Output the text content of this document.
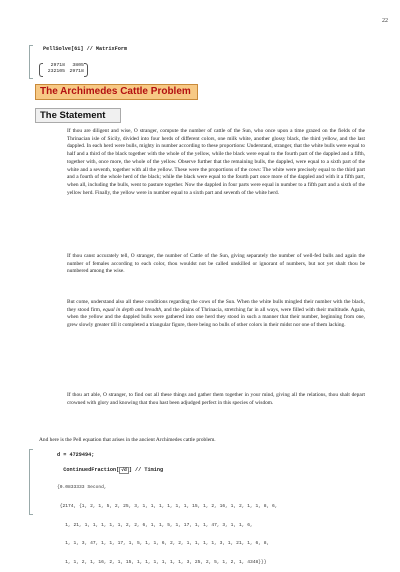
22
PellSolve[61] // MatrixForm
29718 3805
232105 29718
The Archimedes Cattle Problem
The Statement
If thou are diligent and wise, O stranger, compute the number of cattle of the Sun, who once upon a time grazed on the fields of the Thrinacian isle of Sicily, divided into four herds of different colors, one milk white, another glossy black, the third yellow, and the last dappled. In each herd were bulls, mighty in number according to these proportions: Understand, stranger, that the white bulls were equal to half and a third of the black together with the whole of the yellow, while the black were equal to the fourth part of the dappled and a fifth, together with, once more, the whole of the yellow. Observe further that the remaining bulls, the dappled, were equal to a sixth part of the white and a seventh, together with all the yellow. These were the proportions of the cows: The white were precisely equal to the third part and a fourth of the whole herd of the black; while the black were equal to the fourth part once more of the dappled and with it a fifth part, when all, including the bulls, went to pasture together. Now the dappled in four parts were equal in number to a fifth part and a sixth of the yellow herd. Finally, the yellow were in number equal to a sixth part and seventh of the white herd.
If thou canst accurately tell, O stranger, the number of Cattle of the Sun, giving separately the number of well-fed bulls and again the number of females according to each color, thou wouldst not be called unskilled or ignorant of numbers, but not yet shalt thou be numbered among the wise.
But come, understand also all these conditions regarding the cows of the Sun. When the white bulls mingled their number with the black, they stood firm, equal in depth and breadth, and the plains of Thrinacia, stretching far in all ways, were filled with their multitude. Again, when the yellow and the dappled bulls were gathered into one herd they stood in such a manner that their number, beginning from one, grew slowly greater till it completed a triangular figure, there being no bulls of other colors in their midst nor one of them lacking.
If thou art able, O stranger, to find out all these things and gather them together in your mind, giving all the relations, thou shalt depart crowned with glory and knowing that thou hast been adjudged perfect in this species of wisdom.
And here is the Pell equation that arises in the ancient Archimedes cattle problem.
d = 4729494;

ContinuedFraction[ √d ] // Timing

{0.0833333 Second,

{2174, {1, 2, 1, 5, 2, 25, 3, 1, 1, 1, 1, 1, 1, 15, 1, 2, 16, 1, 2, 1, 1, 8, 6,

1, 21, 1, 1, 1, 1, 1, 2, 2, 6, 1, 1, 5, 1, 17, 1, 1, 47, 3, 1, 1, 6,

1, 1, 3, 47, 1, 1, 17, 1, 5, 1, 1, 6, 2, 2, 1, 1, 1, 1, 3, 1, 21, 1, 6, 8,

1, 1, 2, 1, 16, 2, 1, 15, 1, 1, 1, 1, 1, 1, 3, 25, 2, 5, 1, 2, 1, 4348}}}
